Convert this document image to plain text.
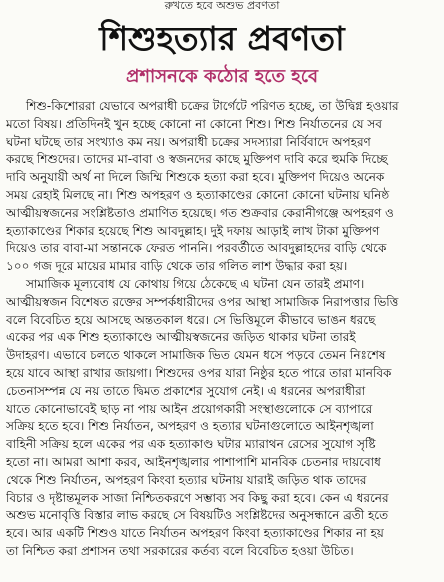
রুখতে হবে অশুভ প্রবণতা
শিশুহত্যার প্রবণতা
প্রশাসনকে কঠোর হতে হবে
শিশু-কিশোররা যেভাবে অপরাধী চক্রের টার্গেটে পরিণত হচ্ছে, তা উদ্বিগ্ন হওয়ার
মতো বিষয়। প্রতিদিনই খুন হচ্ছে কোনো না কোনো শিশু। শিশু নির্যাতনের যে সব
ঘটনা ঘটছে তার সংখ্যাও কম নয়। অপরাধী চক্রের সদস্যারা নির্বিবাদে অপহরণ
করছে শিশুদের। তাদের মা-বাবা ও স্বজনদের কাছে মুক্তিপণ দাবি করে হুমকি দিচ্ছে
দাবি অনুযায়ী অর্থ না দিলে জিম্মি শিশুকে হত্যা করা হবে। মুক্তিপণ দিয়েও অনেক
সময় রেহাই মিলছে না। শিশু অপহরণ ও হত্যাকাণ্ডের কোনো কোনো ঘটনায় ঘনিষ্ঠ
আত্মীয়স্বজনের সংশ্লিষ্টতাও প্রমাণিত হয়েছে। গত শুক্রবার কেরানীগঞ্জে অপহরণ ও
হত্যাকাণ্ডের শিকার হয়েছে শিশু আবদুল্লাহ। দুই দফায় আড়াই লাখ টাকা মুক্তিপণ
দিয়েও তার বাবা-মা সন্তানকে ফেরত পাননি। পরবর্তীতে আবদুল্লাহদের বাড়ি থেকে
১০০ গজ দূরে মায়ের মামার বাড়ি থেকে তার গলিত লাশ উদ্ধার করা হয়।
সামাজিক মূল্যবোধ যে কোথায় গিয়ে ঠেকেছে এ ঘটনা যেন তারই প্রমাণ।
আত্মীয়স্বজন বিশেষত রক্তের সম্পর্কধারীদের ওপর আস্থা সামাজিক নিরাপত্তার ভিত্তি
বলে বিবেচিত হয়ে আসছে অন্ততকাল ধরে। সে ভিত্তিমূলে কীভাবে ভাঙন ধরছে
একের পর এক শিশু হত্যাকাণ্ডে আত্মীয়স্বজনের জড়িত থাকার ঘটনা তারই
উদাহরণ। এভাবে চলতে থাকলে সামাজিক ভিত যেমন ধসে পড়বে তেমন নিঃশেষ
হয়ে যাবে আস্থা রাখার জায়গা। শিশুদের ওপর যারা নিষ্ঠুর হতে পারে তারা মানবিক
চেতনাসম্পন্ন যে নয় তাতে দ্বিমত প্রকাশের সুযোগ নেই। এ ধরনের অপরাধীরা
যাতে কোনোভাবেই ছাড় না পায় আইন প্রয়োগকারী সংস্থাগুলোকে সে ব্যাপারে
সক্রিয় হতে হবে। শিশু নির্যাতন, অপহরণ ও হত্যার ঘটনাগুলোতে আইনশৃঙ্খলা
বাহিনী সক্রিয় হলে একের পর এক হত্যাকাণ্ড ঘটার ম্যারাথন রেসের সুযোগ সৃষ্টি
হতো না। আমরা আশা করব, আইনশৃঙ্খলার পাশাপাশি মানবিক চেতনার দায়বোধ
থেকে শিশু নির্যাতন, অপহরণ কিংবা হত্যার ঘটনায় যারাই জড়িত থাক তাদের
বিচার ও দৃষ্টান্তমূলক সাজা নিশ্চিতকরণে সম্ভাব্য সব কিছু করা হবে। কেন এ ধরনের
অশুভ মনোবৃত্তি বিস্তার লাভ করছে সে বিষয়টিও সংশ্লিষ্টদের অনুসন্ধানে ব্রতী হতে
হবে। আর একটি শিশুও যাতে নির্যাতন অপহরণ কিংবা হত্যাকাণ্ডের শিকার না হয়
তা নিশ্চিত করা প্রশাসন তথা সরকারের কর্তব্য বলে বিবেচিত হওয়া উচিত।
